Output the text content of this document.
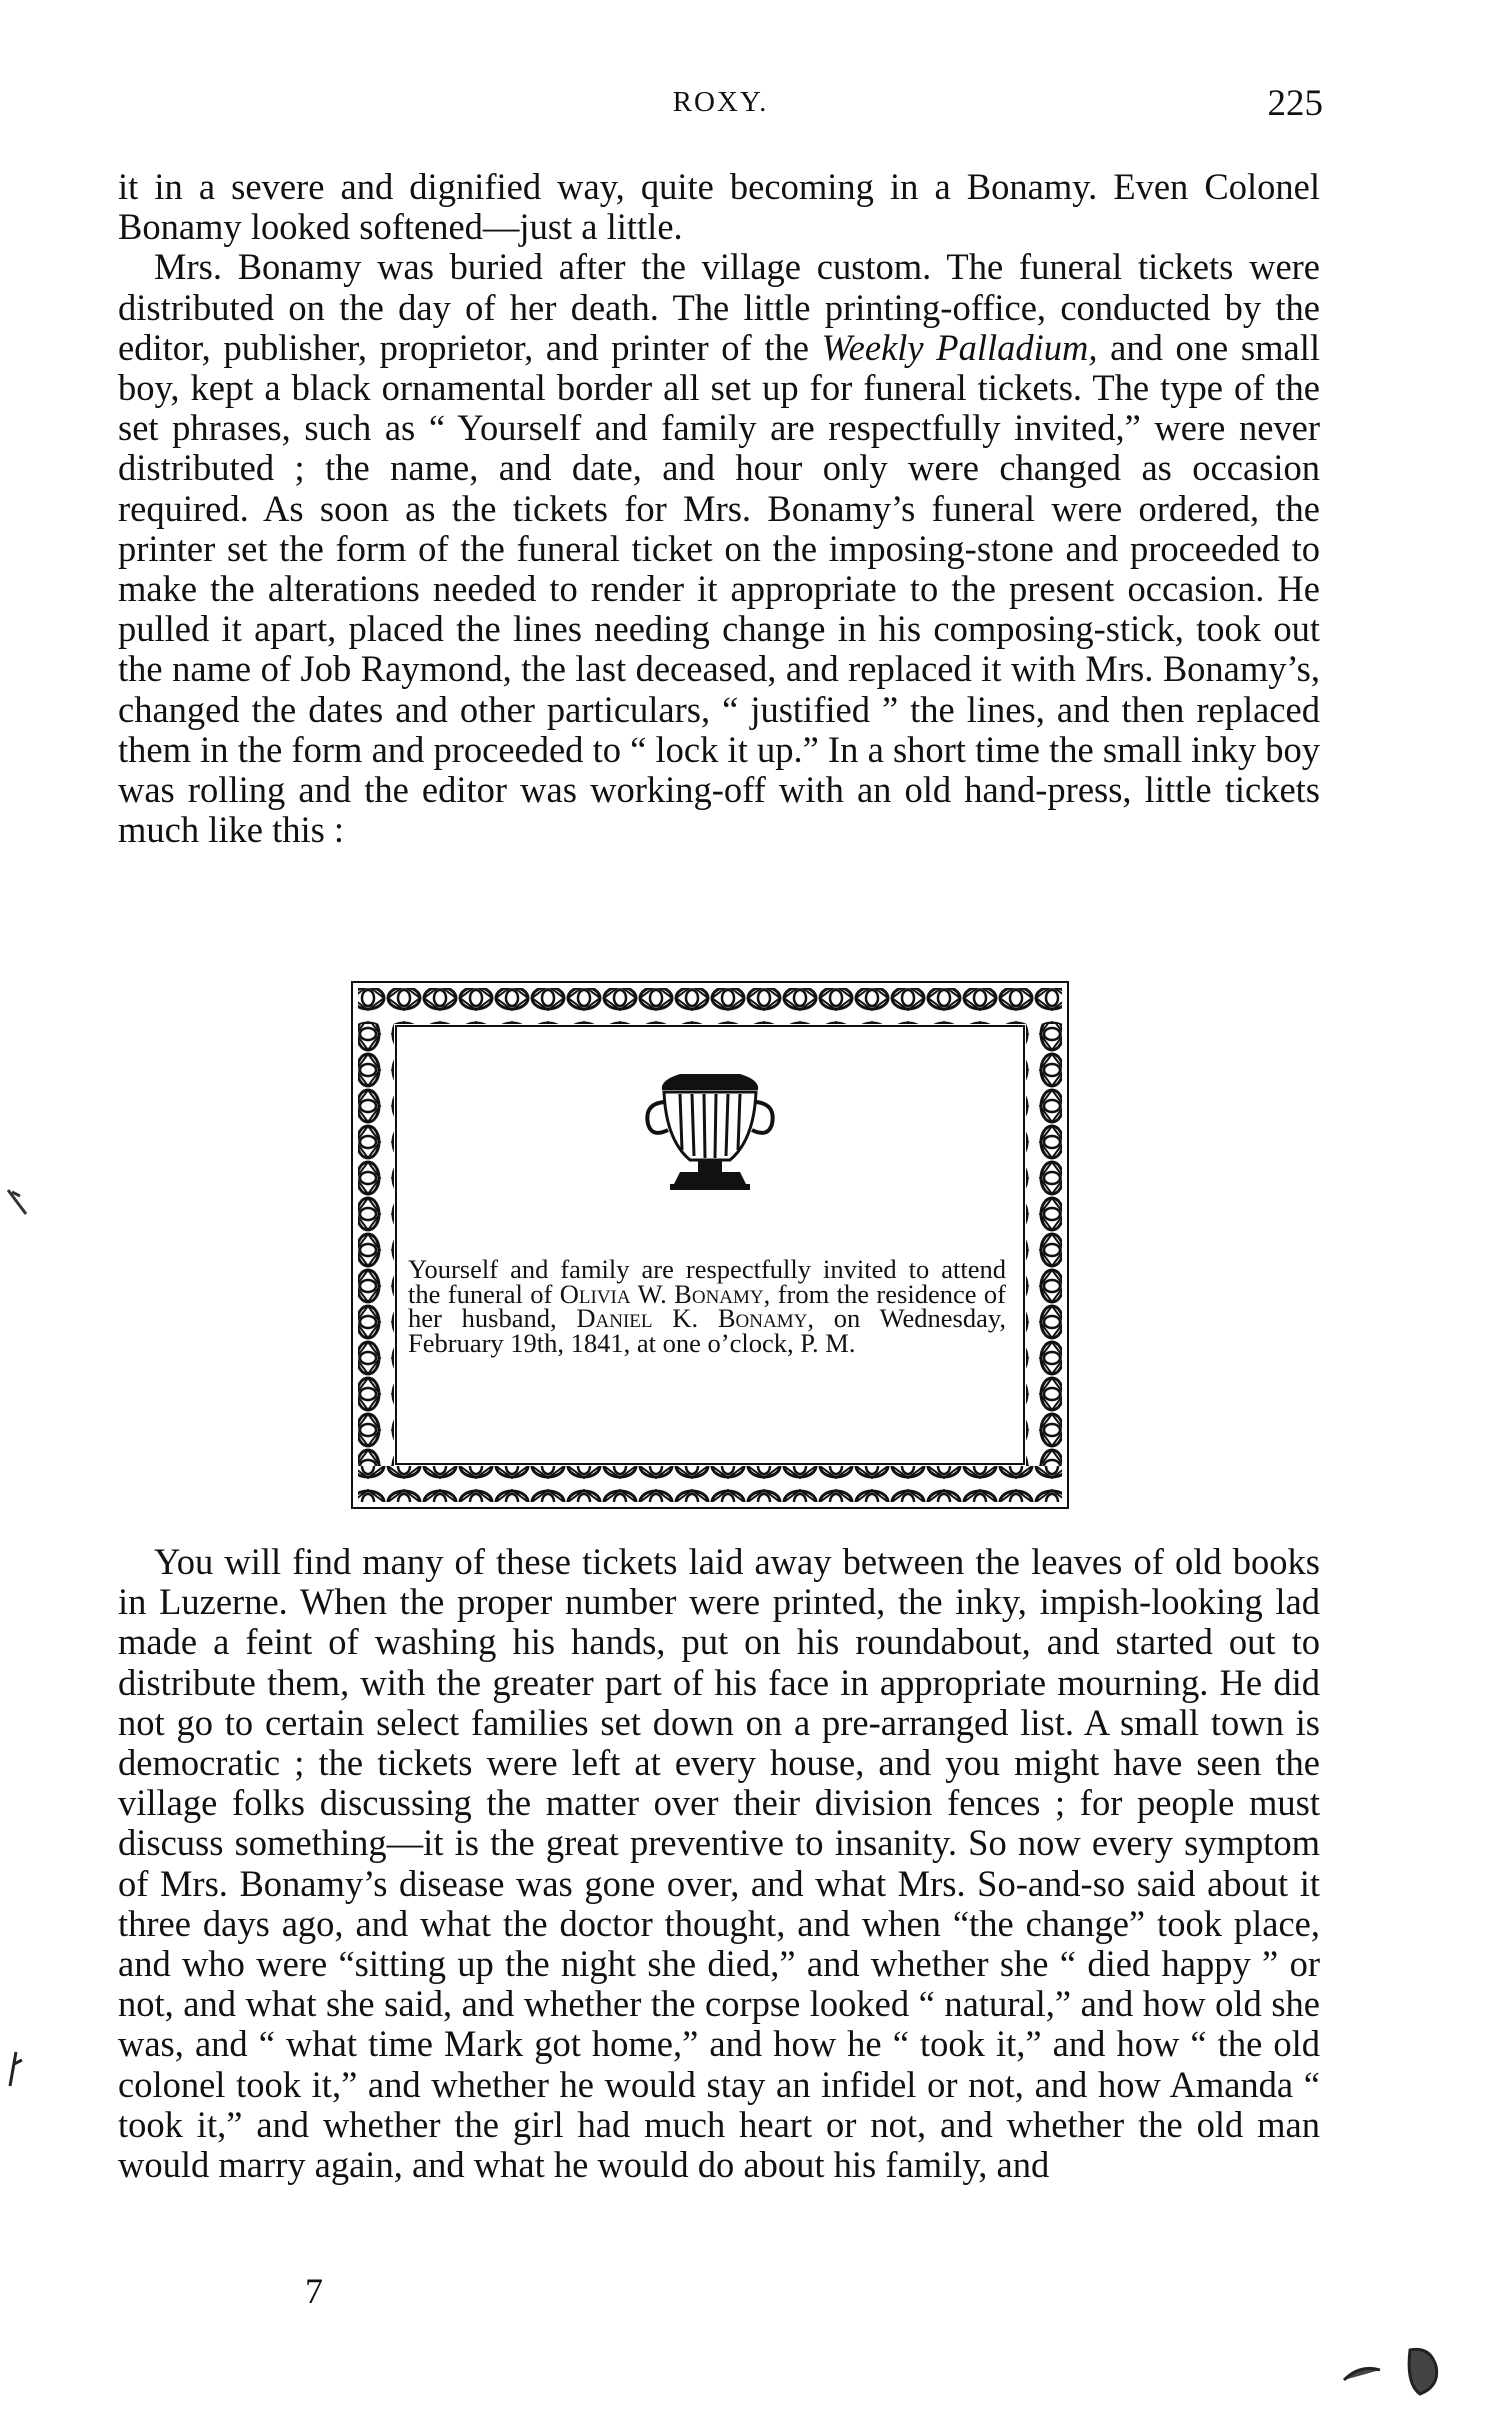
ROXY.	225

it in a severe and dignified way, quite becoming in a Bonamy. Even Colonel Bonamy looked softened—just a little.

Mrs. Bonamy was buried after the village custom. The funeral tickets were distributed on the day of her death. The little printing-office, conducted by the editor, publisher, proprietor, and printer of the Weekly Palladium, and one small boy, kept a black ornamental border all set up for funeral tickets. The type of the set phrases, such as “ Yourself and family are respectfully invited,” were never distributed ; the name, and date, and hour only were changed as occasion required. As soon as the tickets for Mrs. Bonamy’s funeral were ordered, the printer set the form of the funeral ticket on the imposing-stone and proceeded to make the alterations needed to render it appropriate to the present occasion. He pulled it apart, placed the lines needing change in his composing-stick, took out the name of Job Raymond, the last deceased, and replaced it with Mrs. Bonamy’s, changed the dates and other particulars, “ justified ” the lines, and then replaced them in the form and proceeded to “ lock it up.” In a short time the small inky boy was rolling and the editor was working-off with an old hand-press, little tickets much like this :

Yourself and family are respectfully invited to attend the funeral of Olivia W. Bonamy, from the residence of her husband, Daniel K. Bonamy, on Wednesday, February 19th, 1841, at one o’clock, P. M.

You will find many of these tickets laid away between the leaves of old books in Luzerne. When the proper number were printed, the inky, impish-looking lad made a feint of washing his hands, put on his roundabout, and started out to distribute them, with the greater part of his face in appropriate mourning. He did not go to certain select families set down on a pre-arranged list. A small town is democratic ; the tickets were left at every house, and you might have seen the village folks discussing the matter over their division fences ; for people must discuss something—it is the great preventive to insanity. So now every symptom of Mrs. Bonamy’s disease was gone over, and what Mrs. So-and-so said about it three days ago, and what the doctor thought, and when “the change” took place, and who were “sitting up the night she died,” and whether she “ died happy ” or not, and what she said, and whether the corpse looked “ natural,” and how old she was, and “ what time Mark got home,” and how he “ took it,” and how “ the old colonel took it,” and whether he would stay an infidel or not, and how Amanda “ took it,” and whether the girl had much heart or not, and whether the old man would marry again, and what he would do about his family, and

7
